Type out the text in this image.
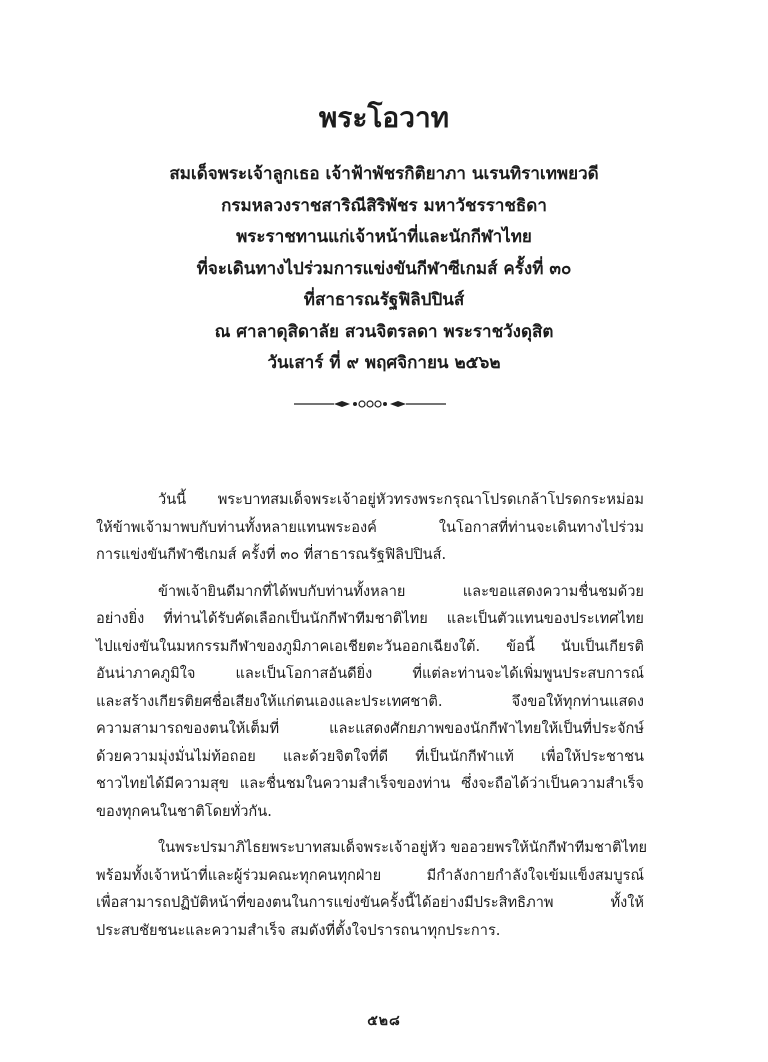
พระโอวาท
สมเด็จพระเจ้าลูกเธอ เจ้าฟ้าพัชรกิติยาภา นเรนทิราเทพยวดี
กรมหลวงราชสาริณีสิริพัชร มหาวัชรราชธิดา
พระราชทานแก่เจ้าหน้าที่และนักกีฬาไทย
ที่จะเดินทางไปร่วมการแข่งขันกีฬาซีเกมส์ ครั้งที่ ๓๐
ที่สาธารณรัฐฟิลิปปินส์
ณ ศาลาดุสิดาลัย สวนจิตรลดา พระราชวังดุสิต
วันเสาร์ ที่ ๙ พฤศจิกายน ๒๕๖๒
วันนี้ พระบาทสมเด็จพระเจ้าอยู่หัวทรงพระกรุณาโปรดเกล้าโปรดกระหม่อม
ให้ข้าพเจ้ามาพบกับท่านทั้งหลายแทนพระองค์ ในโอกาสที่ท่านจะเดินทางไปร่วม
การแข่งขันกีฬาซีเกมส์ ครั้งที่ ๓๐ ที่สาธารณรัฐฟิลิปปินส์.
ข้าพเจ้ายินดีมากที่ได้พบกับท่านทั้งหลาย และขอแสดงความชื่นชมด้วย
อย่างยิ่ง ที่ท่านได้รับคัดเลือกเป็นนักกีฬาทีมชาติไทย และเป็นตัวแทนของประเทศไทย
ไปแข่งขันในมหกรรมกีฬาของภูมิภาคเอเชียตะวันออกเฉียงใต้. ข้อนี้ นับเป็นเกียรติ
อันน่าภาคภูมิใจ และเป็นโอกาสอันดียิ่ง ที่แต่ละท่านจะได้เพิ่มพูนประสบการณ์
และสร้างเกียรติยศชื่อเสียงให้แก่ตนเองและประเทศชาติ. จึงขอให้ทุกท่านแสดง
ความสามารถของตนให้เต็มที่ และแสดงศักยภาพของนักกีฬาไทยให้เป็นที่ประจักษ์
ด้วยความมุ่งมั่นไม่ท้อถอย และด้วยจิตใจที่ดี ที่เป็นนักกีฬาแท้ เพื่อให้ประชาชน
ชาวไทยได้มีความสุข และชื่นชมในความสำเร็จของท่าน ซึ่งจะถือได้ว่าเป็นความสำเร็จ
ของทุกคนในชาติโดยทั่วกัน.
ในพระปรมาภิไธยพระบาทสมเด็จพระเจ้าอยู่หัว ขออวยพรให้นักกีฬาทีมชาติไทย
พร้อมทั้งเจ้าหน้าที่และผู้ร่วมคณะทุกคนทุกฝ่าย มีกำลังกายกำลังใจเข้มแข็งสมบูรณ์
เพื่อสามารถปฏิบัติหน้าที่ของตนในการแข่งขันครั้งนี้ได้อย่างมีประสิทธิภาพ ทั้งให้
ประสบชัยชนะและความสำเร็จ สมดังที่ตั้งใจปรารถนาทุกประการ.
๕๒๘
